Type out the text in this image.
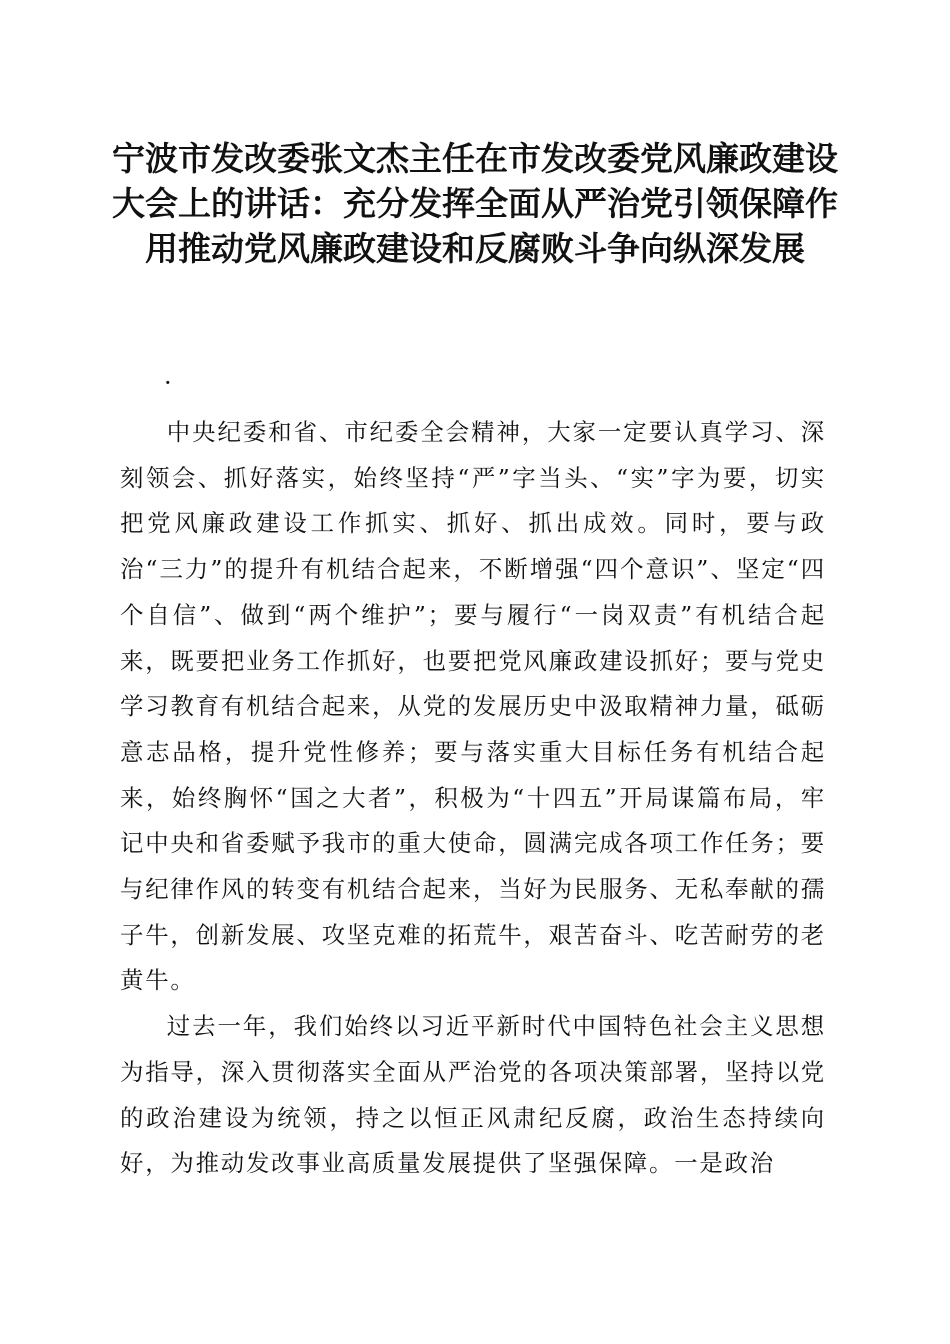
宁波市发改委张文杰主任在市发改委党风廉政建设大会上的讲话：充分发挥全面从严治党引领保障作用推动党风廉政建设和反腐败斗争向纵深发展
·

中央纪委和省、市纪委全会精神，大家一定要认真学习、深刻领会、抓好落实，始终坚持“严”字当头、“实”字为要，切实把党风廉政建设工作抓实、抓好、抓出成效。同时，要与政治“三力”的提升有机结合起来，不断增强“四个意识”、坚定“四个自信”、做到“两个维护”；要与履行“一岗双责”有机结合起来，既要把业务工作抓好，也要把党风廉政建设抓好；要与党史学习教育有机结合起来，从党的发展历史中汲取精神力量，砥砺意志品格，提升党性修养；要与落实重大目标任务有机结合起来，始终胸怀“国之大者”，积极为“十四五”开局谋篇布局，牢记中央和省委赋予我市的重大使命，圆满完成各项工作任务；要与纪律作风的转变有机结合起来，当好为民服务、无私奉献的孺子牛，创新发展、攻坚克难的拓荒牛，艰苦奋斗、吃苦耐劳的老黄牛。

过去一年，我们始终以习近平新时代中国特色社会主义思想为指导，深入贯彻落实全面从严治党的各项决策部署，坚持以党的政治建设为统领，持之以恒正风肃纪反腐，政治生态持续向好，为推动发改事业高质量发展提供了坚强保障。一是政治
